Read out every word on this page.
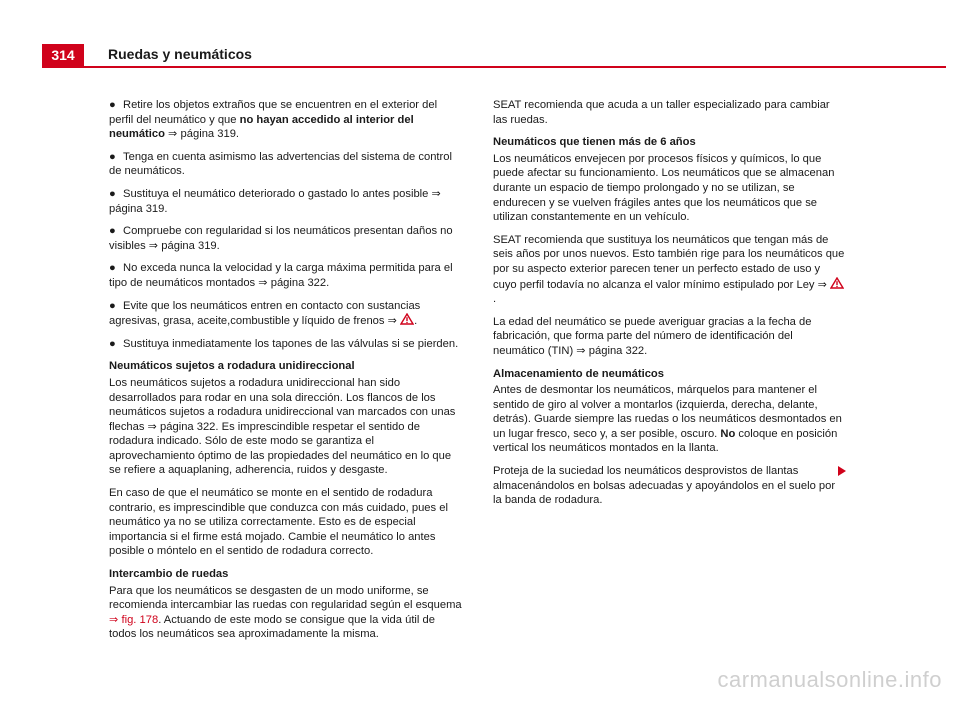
314	Ruedas y neumáticos
● Retire los objetos extraños que se encuentren en el exterior del perfil del neumático y que no hayan accedido al interior del neumático ⇒ página 319.
● Tenga en cuenta asimismo las advertencias del sistema de control de neumáticos.
● Sustituya el neumático deteriorado o gastado lo antes posible ⇒ página 319.
● Compruebe con regularidad si los neumáticos presentan daños no visibles ⇒ página 319.
● No exceda nunca la velocidad y la carga máxima permitida para el tipo de neumáticos montados ⇒ página 322.
● Evite que los neumáticos entren en contacto con sustancias agresivas, grasa, aceite,combustible y líquido de frenos ⇒ .
● Sustituya inmediatamente los tapones de las válvulas si se pierden.

Neumáticos sujetos a rodadura unidireccional

Los neumáticos sujetos a rodadura unidireccional han sido desarrollados para rodar en una sola dirección. Los flancos de los neumáticos sujetos a rodadura unidireccional van marcados con unas flechas ⇒ página 322. Es imprescindible respetar el sentido de rodadura indicado. Sólo de este modo se garantiza el aprovechamiento óptimo de las propiedades del neumático en lo que se refiere a aquaplaning, adherencia, ruidos y desgaste.

En caso de que el neumático se monte en el sentido de rodadura contrario, es imprescindible que conduzca con más cuidado, pues el neumático ya no se utiliza correctamente. Esto es de especial importancia si el firme está mojado. Cambie el neumático lo antes posible o móntelo en el sentido de rodadura correcto.

Intercambio de ruedas

Para que los neumáticos se desgasten de un modo uniforme, se recomienda intercambiar las ruedas con regularidad según el esquema ⇒ fig. 178. Actuando de este modo se consigue que la vida útil de todos los neumáticos sea aproximadamente la misma.

SEAT recomienda que acuda a un taller especializado para cambiar las ruedas.

Neumáticos que tienen más de 6 años

Los neumáticos envejecen por procesos físicos y químicos, lo que puede afectar su funcionamiento. Los neumáticos que se almacenan durante un espacio de tiempo prolongado y no se utilizan, se endurecen y se vuelven frágiles antes que los neumáticos que se utilizan constantemente en un vehículo.

SEAT recomienda que sustituya los neumáticos que tengan más de seis años por unos nuevos. Esto también rige para los neumáticos que por su aspecto exterior parecen tener un perfecto estado de uso y cuyo perfil todavía no alcanza el valor mínimo estipulado por Ley ⇒ .

La edad del neumático se puede averiguar gracias a la fecha de fabricación, que forma parte del número de identificación del neumático (TIN) ⇒ página 322.

Almacenamiento de neumáticos

Antes de desmontar los neumáticos, márquelos para mantener el sentido de giro al volver a montarlos (izquierda, derecha, delante, detrás). Guarde siempre las ruedas o los neumáticos desmontados en un lugar fresco, seco y, a ser posible, oscuro. No coloque en posición vertical los neumáticos montados en la llanta.

Proteja de la suciedad los neumáticos desprovistos de llantas almacenándolos en bolsas adecuadas y apoyándolos en el suelo por la banda de rodadura.

carmanualsonline.info
